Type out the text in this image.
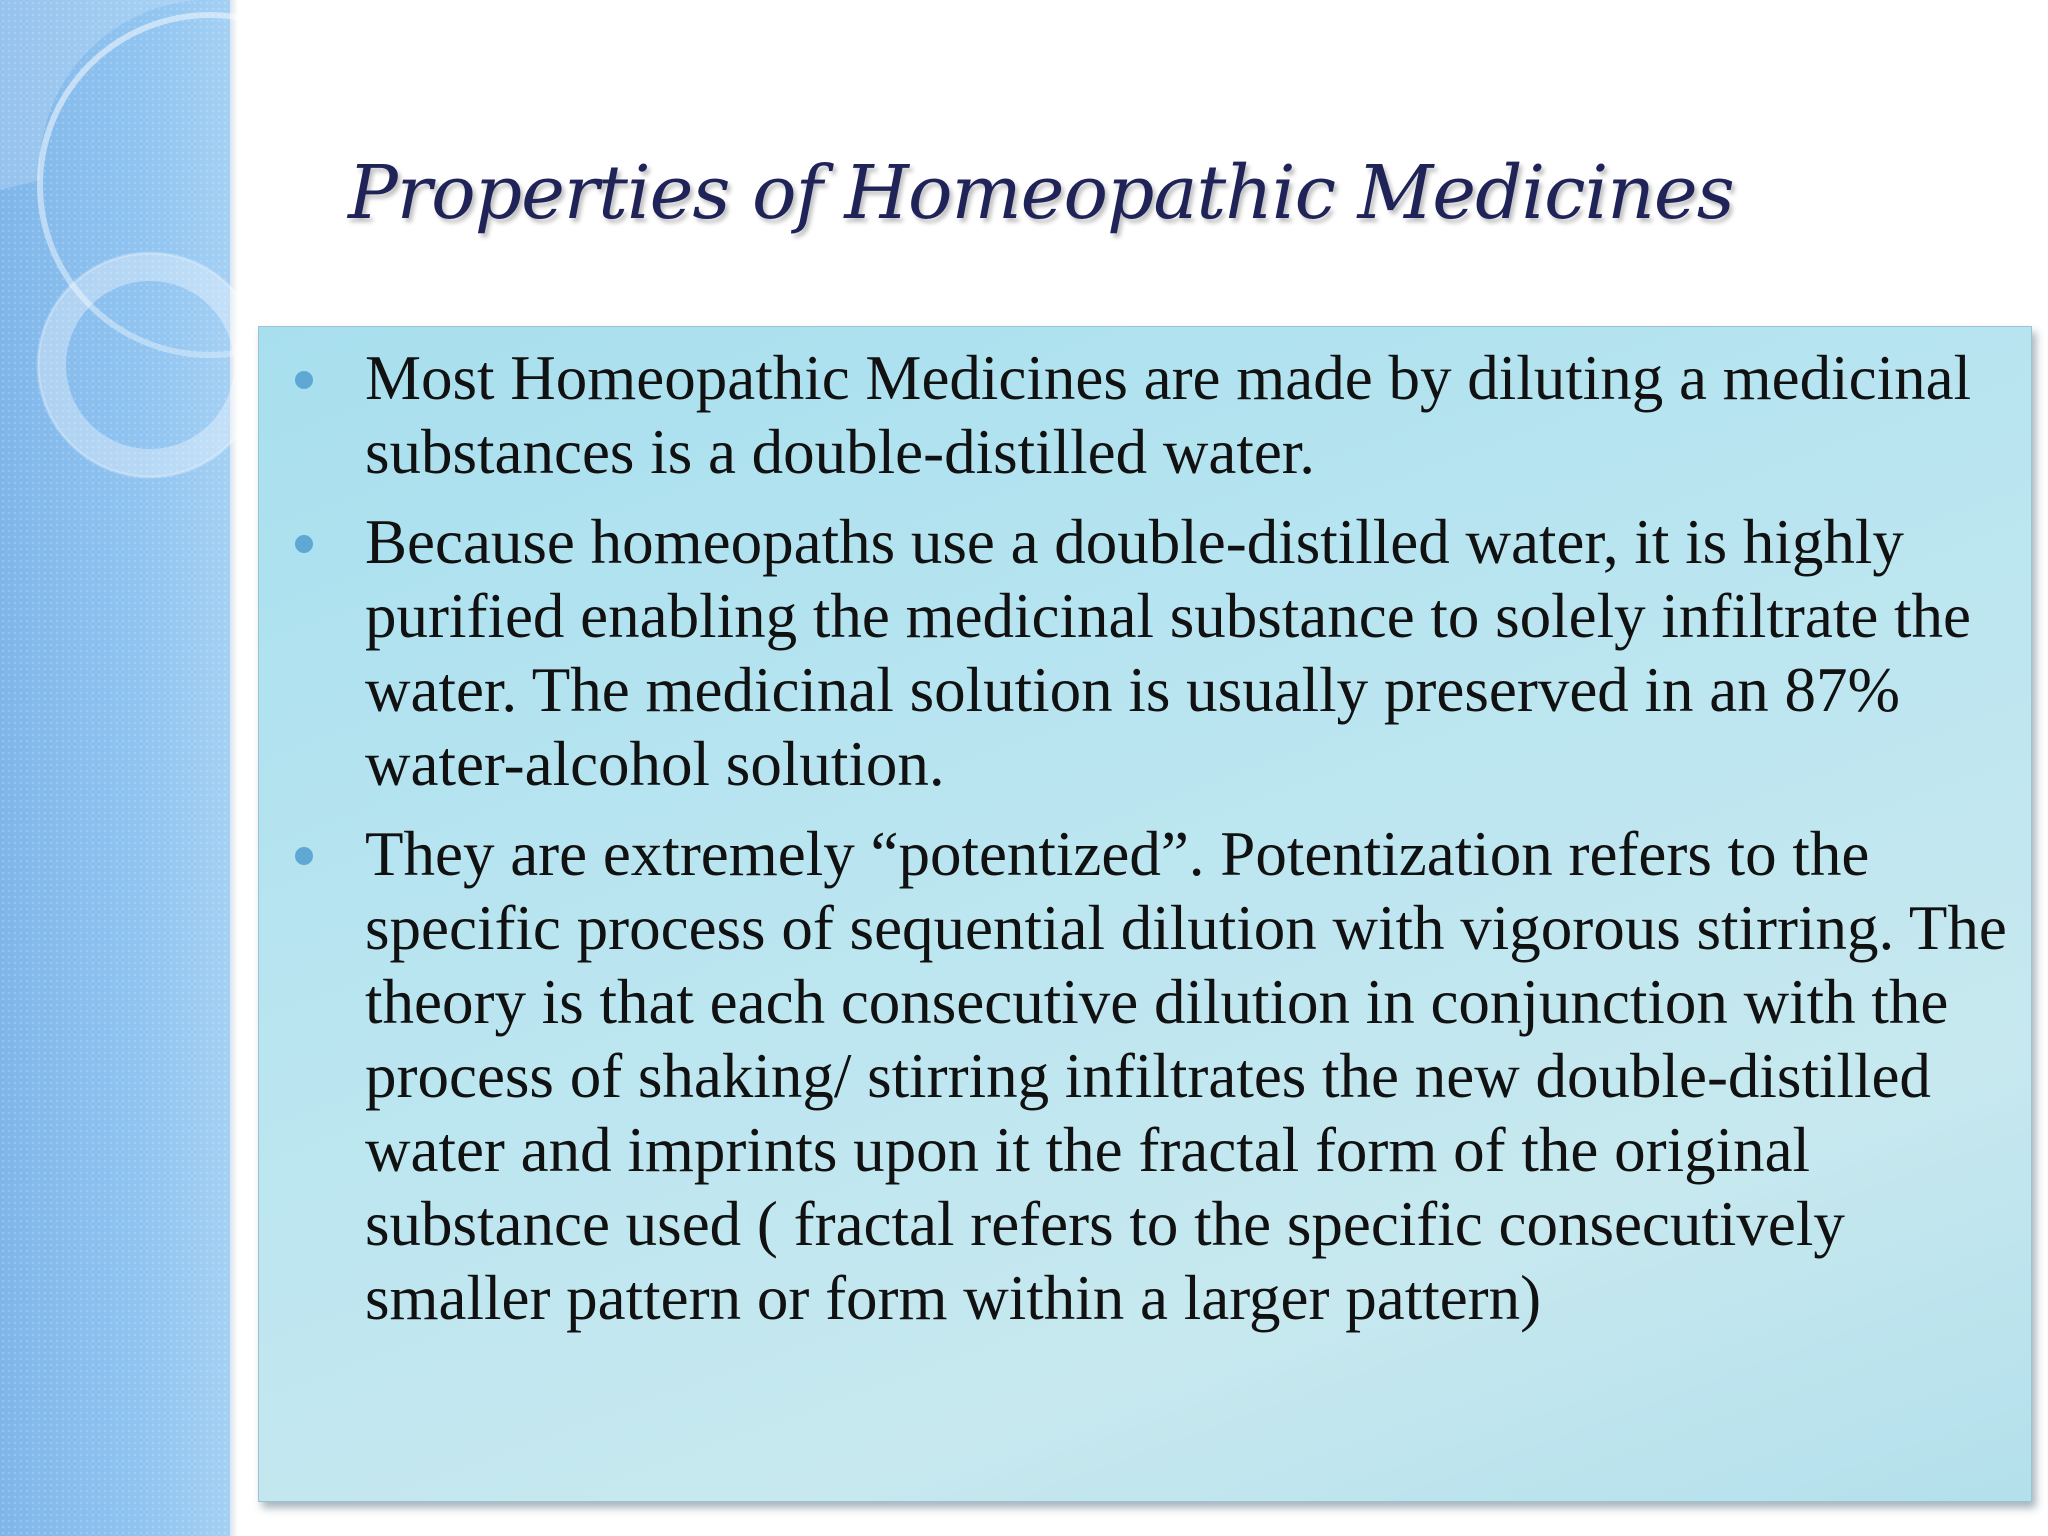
Properties of Homeopathic Medicines
Most Homeopathic Medicines are made by diluting a medicinal substances is a double-distilled water.
Because homeopaths use a double-distilled water, it is highly purified enabling the medicinal substance to solely infiltrate the water. The medicinal solution is usually preserved in an 87% water-alcohol solution.
They are extremely “potentized”. Potentization refers to the specific process of sequential dilution with vigorous stirring. The theory is that each consecutive dilution in conjunction with the process of shaking/ stirring infiltrates the new double-distilled water and imprints upon it the fractal form of the original substance used ( fractal refers to the specific consecutively smaller pattern or form within a larger pattern)
